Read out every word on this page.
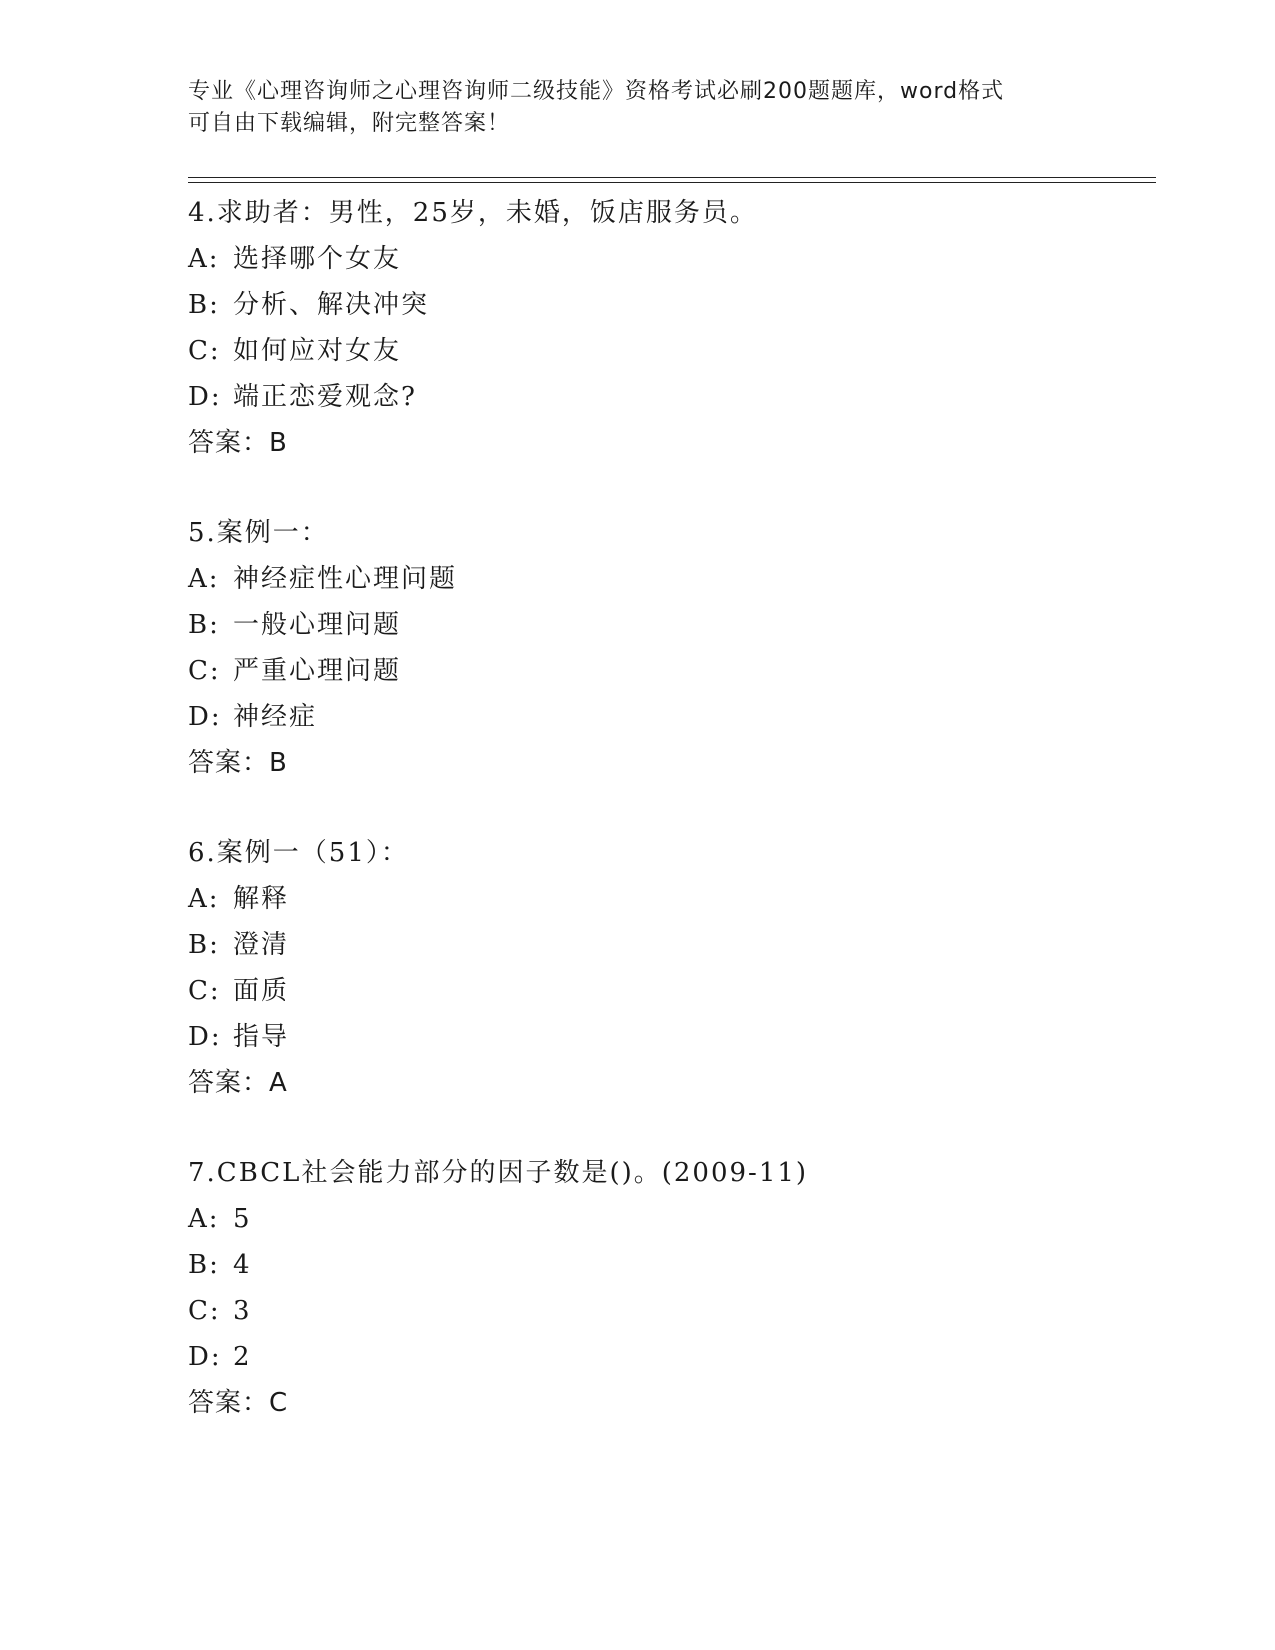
专业《心理咨询师之心理咨询师二级技能》资格考试必刷200题题库，word格式
可自由下载编辑，附完整答案！
4.求助者：男性，25岁，未婚，饭店服务员。
A: 选择哪个女友
B: 分析、解决冲突
C: 如何应对女友
D: 端正恋爱观念?
答案：B
5.案例一：
A: 神经症性心理问题
B: 一般心理问题
C: 严重心理问题
D: 神经症
答案：B
6.案例一（51）：
A: 解释
B: 澄清
C: 面质
D: 指导
答案：A
7.CBCL社会能力部分的因子数是()。(2009-11)
A: 5
B: 4
C: 3
D: 2
答案：C
